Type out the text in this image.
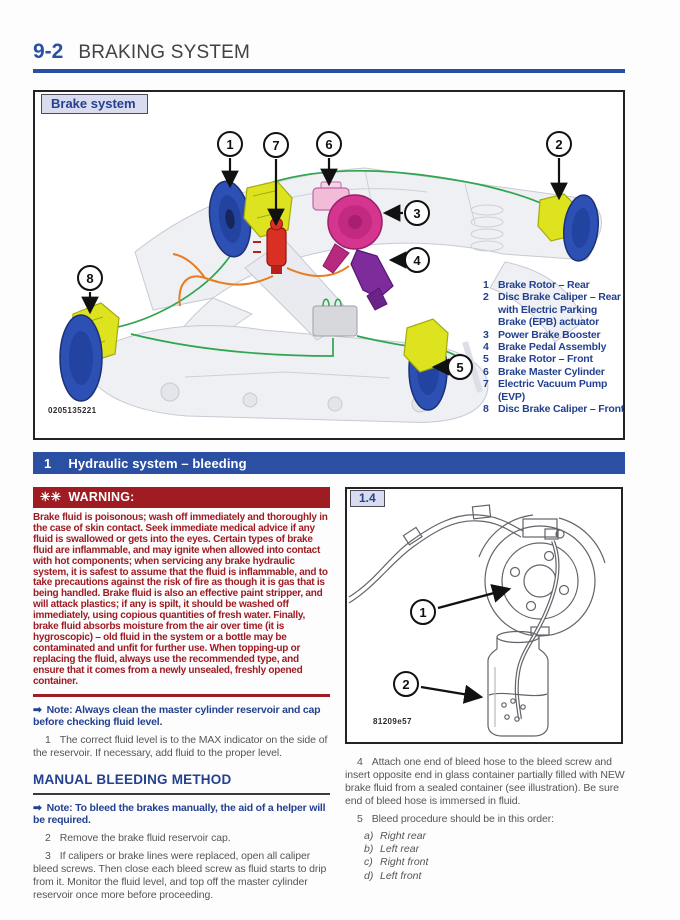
9-2 BRAKING SYSTEM
Brake system
1	7	6	2
3
4
8
5
1 Brake Rotor – Rear
2 Disc Brake Caliper – Rear with Electric Parking Brake (EPB) actuator
3 Power Brake Booster
4 Brake Pedal Assembly
5 Brake Rotor – Front
6 Brake Master Cylinder
7 Electric Vacuum Pump (EVP)
8 Disc Brake Caliper – Front
0205135221
1 Hydraulic system – bleeding
✳✳ WARNING:

Brake fluid is poisonous; wash off immediately and thoroughly in the case of skin contact. Seek immediate medical advice if any fluid is swallowed or gets into the eyes. Certain types of brake fluid are inflammable, and may ignite when allowed into contact with hot components; when servicing any brake hydraulic system, it is safest to assume that the fluid is inflammable, and to take precautions against the risk of fire as though it is gas that is being handled. Brake fluid is also an effective paint stripper, and will attack plastics; if any is spilt, it should be washed off immediately, using copious quantities of fresh water. Finally, brake fluid absorbs moisture from the air over time (it is hygroscopic) – old fluid in the system or a bottle may be contaminated and unfit for further use. When topping-up or replacing the fluid, always use the recommended type, and ensure that it comes from a newly unsealed, freshly opened container.

➡ Note: Always clean the master cylinder reservoir and cap before checking fluid level.

1 The correct fluid level is to the MAX indicator on the side of the reservoir. If necessary, add fluid to the proper level.

MANUAL BLEEDING METHOD

➡ Note: To bleed the brakes manually, the aid of a helper will be required.

2 Remove the brake fluid reservoir cap.

3 If calipers or brake lines were replaced, open all caliper bleed screws. Then close each bleed screw as fluid starts to drip from it. Monitor the fluid level, and top off the master cylinder reservoir once more before proceeding.

1.4
1
2
81209e57

4 Attach one end of bleed hose to the bleed screw and insert opposite end in glass container partially filled with NEW brake fluid from a sealed container (see illustration). Be sure end of bleed hose is immersed in fluid.

5 Bleed procedure should be in this order:

a) Right rear

b) Left rear

c) Right front

d) Left front
